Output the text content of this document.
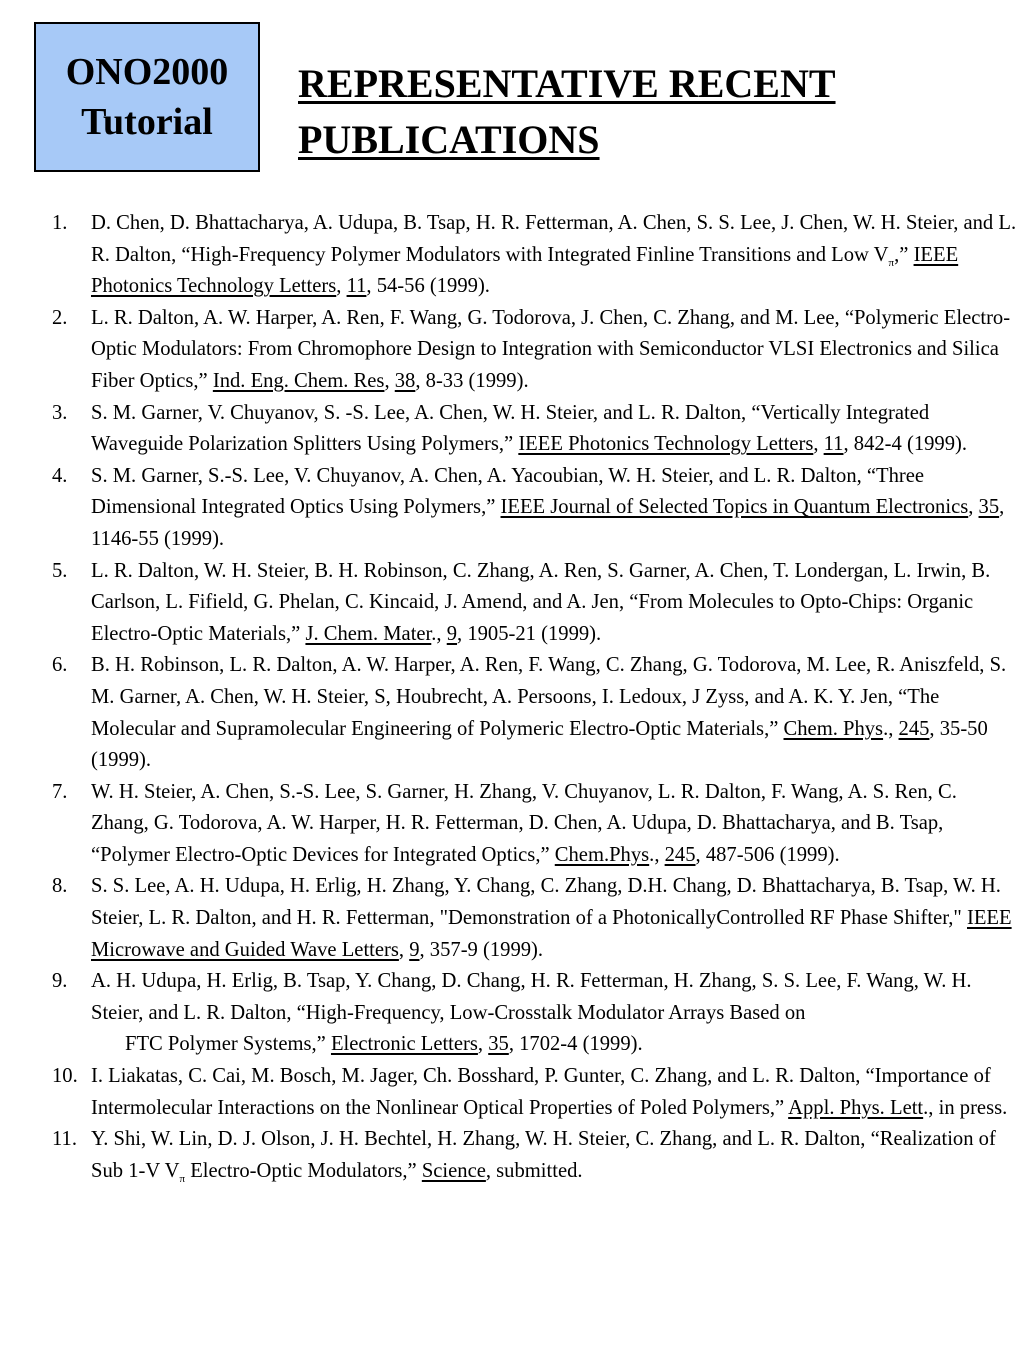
ONO2000
Tutorial
REPRESENTATIVE RECENT
PUBLICATIONS
1.	D. Chen, D. Bhattacharya, A. Udupa, B. Tsap, H. R. Fetterman, A. Chen, S. S. Lee, J. Chen, W. H. Steier, and L. R. Dalton, “High-Frequency Polymer Modulators with Integrated Finline Transitions and Low $V_\pi$,” IEEE Photonics Technology Letters, 11, 54-56 (1999).
2.	L. R. Dalton, A. W. Harper, A. Ren, F. Wang, G. Todorova, J. Chen, C. Zhang, and M. Lee, “Polymeric Electro-Optic Modulators: From Chromophore Design to Integration with Semiconductor VLSI Electronics and Silica Fiber Optics,” Ind. Eng. Chem. Res, 38, 8-33 (1999).
3.	S. M. Garner, V. Chuyanov, S. -S. Lee, A. Chen, W. H. Steier, and L. R. Dalton, “Vertically Integrated Waveguide Polarization Splitters Using Polymers,” IEEE Photonics Technology Letters, 11, 842-4 (1999).
4.	S. M. Garner, S.-S. Lee, V. Chuyanov, A. Chen, A. Yacoubian, W. H. Steier, and L. R. Dalton, “Three Dimensional Integrated Optics Using Polymers,” IEEE Journal of Selected Topics in Quantum Electronics, 35, 1146-55 (1999).
5.	L. R. Dalton, W. H. Steier, B. H. Robinson, C. Zhang, A. Ren, S. Garner, A. Chen, T. Londergan, L. Irwin, B. Carlson, L. Fifield, G. Phelan, C. Kincaid, J. Amend, and A. Jen, “From Molecules to Opto-Chips: Organic Electro-Optic Materials,” J. Chem. Mater., 9, 1905-21 (1999).
6.	B. H. Robinson, L. R. Dalton, A. W. Harper, A. Ren, F. Wang, C. Zhang, G. Todorova, M. Lee, R. Aniszfeld, S. M. Garner, A. Chen, W. H. Steier, S, Houbrecht, A. Persoons, I. Ledoux, J Zyss, and A. K. Y. Jen, “The Molecular and Supramolecular Engineering of Polymeric Electro-Optic Materials,” Chem. Phys., 245, 35-50 (1999).
7.	W. H. Steier, A. Chen, S.-S. Lee, S. Garner, H. Zhang, V. Chuyanov, L. R. Dalton, F. Wang, A. S. Ren, C. Zhang, G. Todorova, A. W. Harper, H. R. Fetterman, D. Chen, A. Udupa, D. Bhattacharya, and B. Tsap, “Polymer Electro-Optic Devices for Integrated Optics,” Chem.Phys., 245, 487-506 (1999).
8.	S. S. Lee, A. H. Udupa, H. Erlig, H. Zhang, Y. Chang, C. Zhang, D.H. Chang, D. Bhattacharya, B. Tsap, W. H. Steier, L. R. Dalton, and H. R. Fetterman, "Demonstration of a PhotonicallyControlled RF Phase Shifter," IEEE Microwave and Guided Wave Letters, 9, 357-9 (1999).
9.	A. H. Udupa, H. Erlig, B. Tsap, Y. Chang, D. Chang, H. R. Fetterman, H. Zhang, S. S. Lee, F. Wang, W. H. Steier, and L. R. Dalton, “High-Frequency, Low-Crosstalk Modulator Arrays Based on
FTC Polymer Systems,” Electronic Letters, 35, 1702-4 (1999).
10. I. Liakatas, C. Cai, M. Bosch, M. Jager, Ch. Bosshard, P. Gunter, C. Zhang, and L. R. Dalton, “Importance of Intermolecular Interactions on the Nonlinear Optical Properties of Poled Polymers,” Appl. Phys. Lett., in press.
11. Y. Shi, W. Lin, D. J. Olson, J. H. Bechtel, H. Zhang, W. H. Steier, C. Zhang, and L. R. Dalton, “Realization of Sub 1-V $V_\pi$ Electro-Optic Modulators,” Science, submitted.
